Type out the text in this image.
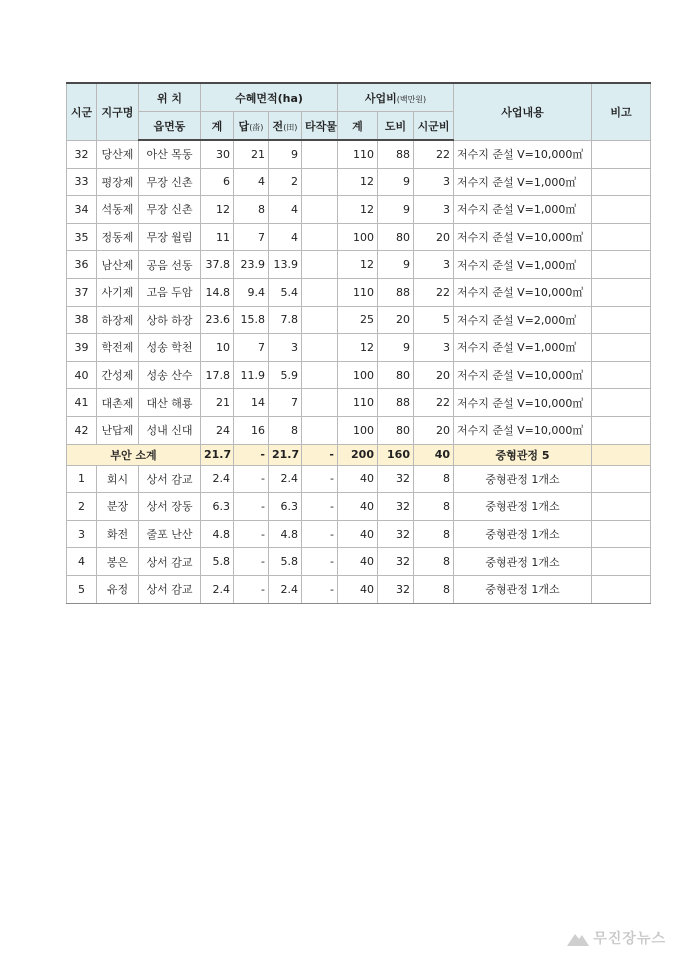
시군	지구명	위 치	수혜면적(ha)				사업비(백만원)			사업내용	비고
		읍면동	계	답(畓)	전(田)	타작물	계	도비	시군비		
32	당산제	아산 목동	30	21	9		110	88	22	저수지 준설 V=10,000㎥	
33	평장제	무장 신촌	6	4	2		12	9	3	저수지 준설 V=1,000㎥	
34	석동제	무장 신촌	12	8	4		12	9	3	저수지 준설 V=1,000㎥	
35	정동제	무장 월림	11	7	4		100	80	20	저수지 준설 V=10,000㎥	
36	남산제	공음 선동	37.8	23.9	13.9		12	9	3	저수지 준설 V=1,000㎥	
37	사기제	고음 두암	14.8	9.4	5.4		110	88	22	저수지 준설 V=10,000㎥	
38	하장제	상하 하장	23.6	15.8	7.8		25	20	5	저수지 준설 V=2,000㎥	
39	학전제	성송 학천	10	7	3		12	9	3	저수지 준설 V=1,000㎥	
40	간성제	성송 산수	17.8	11.9	5.9		100	80	20	저수지 준설 V=10,000㎥	
41	대촌제	대산 해룡	21	14	7		110	88	22	저수지 준설 V=10,000㎥	
42	난답제	성내 신대	24	16	8		100	80	20	저수지 준설 V=10,000㎥	
부안 소계			21.7	-	21.7	-	200	160	40	중형관정 5	
1	회시	상서 감교	2.4	-	2.4	-	40	32	8	중형관정 1개소	
2	분장	상서 장동	6.3	-	6.3	-	40	32	8	중형관정 1개소	
3	화전	줄포 난산	4.8	-	4.8	-	40	32	8	중형관정 1개소	
4	봉은	상서 감교	5.8	-	5.8	-	40	32	8	중형관정 1개소	
5	유정	상서 감교	2.4	-	2.4	-	40	32	8	중형관정 1개소	
무진장뉴스
